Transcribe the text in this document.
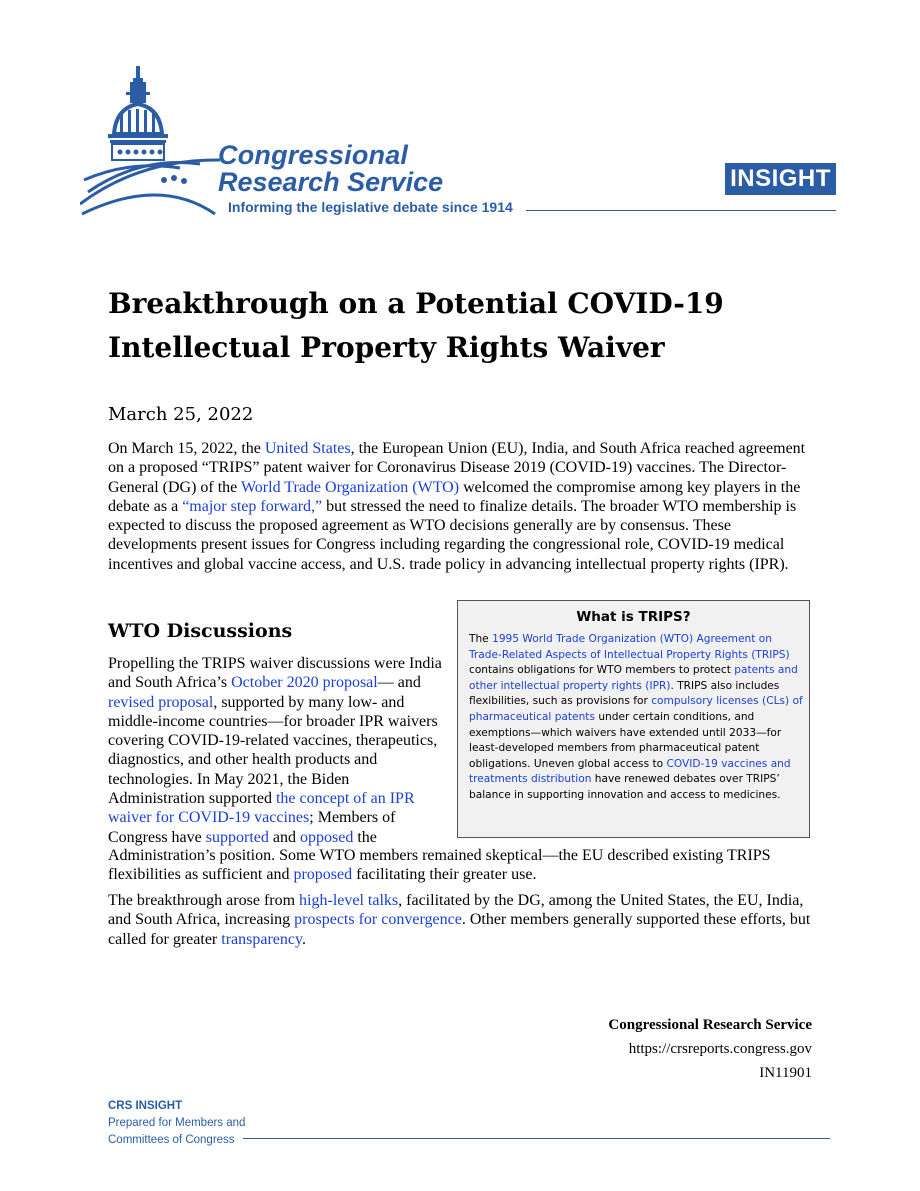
Congressional
Research Service
Informing the legislative debate since 1914
INSIGHT
Breakthrough on a Potential COVID-19 Intellectual Property Rights Waiver
March 25, 2022

On March 15, 2022, the United States, the European Union (EU), India, and South Africa reached agreement on a proposed “TRIPS” patent waiver for Coronavirus Disease 2019 (COVID-19) vaccines. The Director-General (DG) of the World Trade Organization (WTO) welcomed the compromise among key players in the debate as a “major step forward,” but stressed the need to finalize details. The broader WTO membership is expected to discuss the proposed agreement as WTO decisions generally are by consensus. These developments present issues for Congress including regarding the congressional role, COVID-19 medical incentives and global vaccine access, and U.S. trade policy in advancing intellectual property rights (IPR).

WTO Discussions

Propelling the TRIPS waiver discussions were India and South Africa’s October 2020 proposal— and revised proposal, supported by many low- and middle-income countries—for broader IPR waivers covering COVID-19-related vaccines, therapeutics, diagnostics, and other health products and technologies. In May 2021, the Biden Administration supported the concept of an IPR waiver for COVID-19 vaccines; Members of Congress have supported and opposed the

Administration’s position. Some WTO members remained skeptical—the EU described existing TRIPS flexibilities as sufficient and proposed facilitating their greater use.

The breakthrough arose from high-level talks, facilitated by the DG, among the United States, the EU, India, and South Africa, increasing prospects for convergence. Other members generally supported these efforts, but called for greater transparency.

What is TRIPS?

The 1995 World Trade Organization (WTO) Agreement on Trade-Related Aspects of Intellectual Property Rights (TRIPS) contains obligations for WTO members to protect patents and other intellectual property rights (IPR). TRIPS also includes flexibilities, such as provisions for compulsory licenses (CLs) of pharmaceutical patents under certain conditions, and exemptions—which waivers have extended until 2033—for least-developed members from pharmaceutical patent obligations. Uneven global access to COVID-19 vaccines and treatments distribution have renewed debates over TRIPS’ balance in supporting innovation and access to medicines.

Congressional Research Service
https://crsreports.congress.gov
IN11901
CRS INSIGHT
Prepared for Members and
Committees of Congress
